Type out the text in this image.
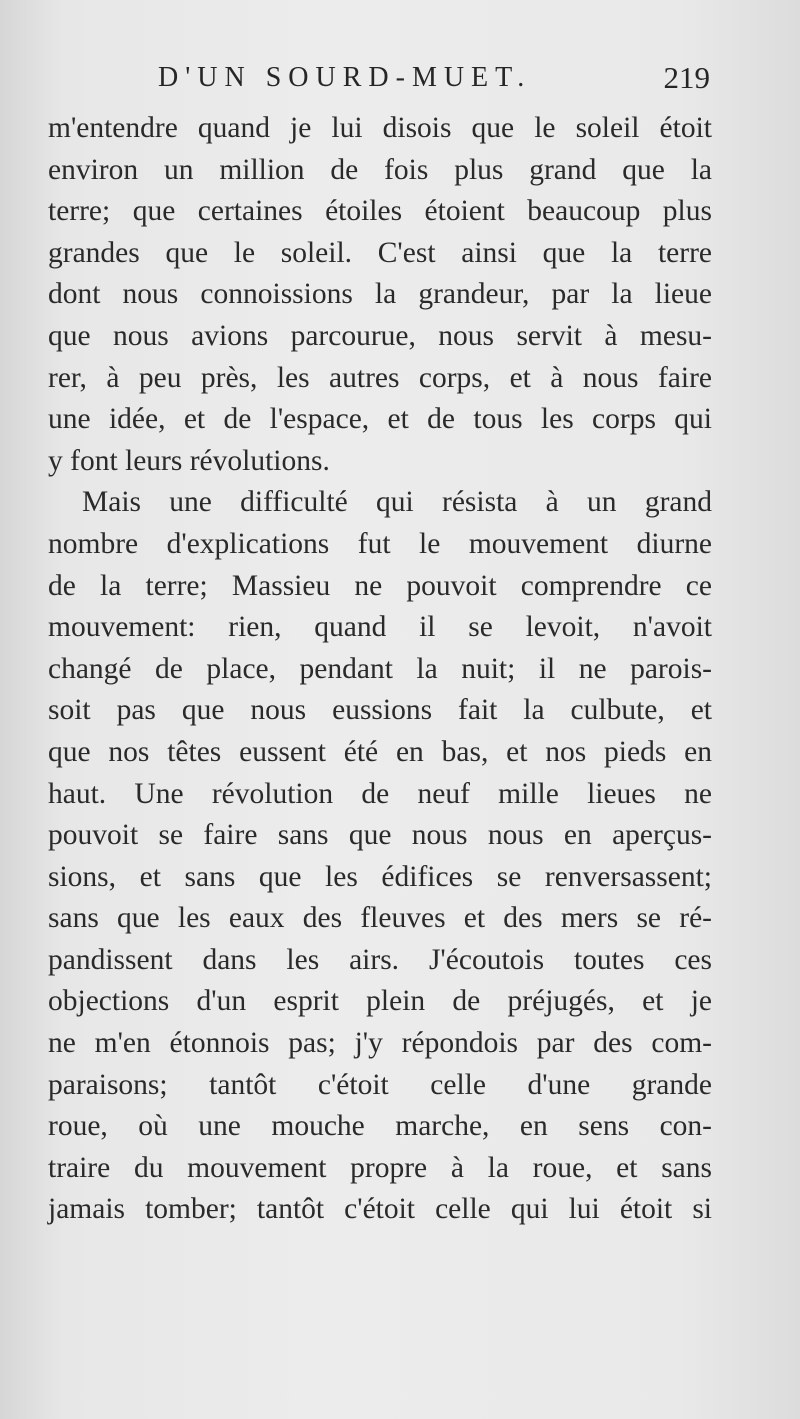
D'UN SOURD-MUET.	219
m'entendre quand je lui disois que le soleil étoit
environ un million de fois plus grand que la
terre; que certaines étoiles étoient beaucoup plus
grandes que le soleil. C'est ainsi que la terre
dont nous connoissions la grandeur, par la lieue
que nous avions parcourue, nous servit à mesu-
rer, à peu près, les autres corps, et à nous faire
une idée, et de l'espace, et de tous les corps qui
y font leurs révolutions.
Mais une difficulté qui résista à un grand
nombre d'explications fut le mouvement diurne
de la terre; Massieu ne pouvoit comprendre ce
mouvement: rien, quand il se levoit, n'avoit
changé de place, pendant la nuit; il ne parois-
soit pas que nous eussions fait la culbute, et
que nos têtes eussent été en bas, et nos pieds en
haut. Une révolution de neuf mille lieues ne
pouvoit se faire sans que nous nous en aperçus-
sions, et sans que les édifices se renversassent;
sans que les eaux des fleuves et des mers se ré-
pandissent dans les airs. J'écoutois toutes ces
objections d'un esprit plein de préjugés, et je
ne m'en étonnois pas; j'y répondois par des com-
paraisons; tantôt c'étoit celle d'une grande
roue, où une mouche marche, en sens con-
traire du mouvement propre à la roue, et sans
jamais tomber; tantôt c'étoit celle qui lui étoit si
